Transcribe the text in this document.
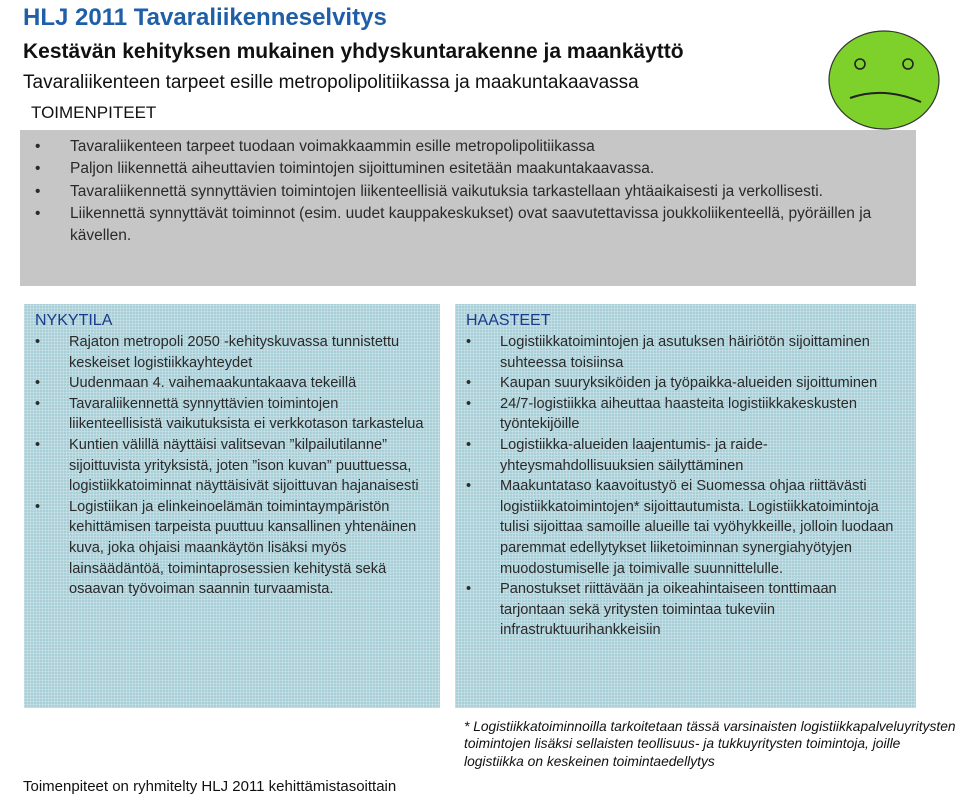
HLJ 2011 Tavaraliikenneselvitys
Kestävän kehityksen mukainen yhdyskuntarakenne ja maankäyttö
Tavaraliikenteen tarpeet esille metropolipolitiikassa ja maakuntakaavassa
TOIMENPITEET
• Tavaraliikenteen tarpeet tuodaan voimakkaammin esille metropolipolitiikassa
• Paljon liikennettä aiheuttavien toimintojen sijoittuminen esitetään maakuntakaavassa.
• Tavaraliikennettä synnyttävien toimintojen liikenteellisiä vaikutuksia tarkastellaan yhtäaikaisesti ja verkollisesti.
• Liikennettä synnyttävät toiminnot (esim. uudet kauppakeskukset) ovat saavutettavissa joukkoliikenteellä, pyöräillen ja kävellen.
NYKYTILA
• Rajaton metropoli 2050 -kehityskuvassa tunnistettu keskeiset logistiikkayhteydet
• Uudenmaan 4. vaihemaakuntakaava tekeillä
• Tavaraliikennettä synnyttävien toimintojen liikenteellisistä vaikutuksista ei verkkotason tarkastelua
• Kuntien välillä näyttäisi valitsevan ”kilpailutilanne” sijoittuvista yrityksistä, joten ”ison kuvan” puuttuessa, logistiikkatoiminnat näyttäisivät sijoittuvan hajanaisesti
• Logistiikan ja elinkeinoelämän toimintaympäristön kehittämisen tarpeista puuttuu kansallinen yhtenäinen kuva, joka ohjaisi maankäytön lisäksi myös lainsäädäntöä, toimintaprosessien kehitystä sekä osaavan työvoiman saannin turvaamista.
HAASTEET
• Logistiikkatoimintojen ja asutuksen häiriötön sijoittaminen suhteessa toisiinsa
• Kaupan suuryksiköiden ja työpaikka-alueiden sijoittuminen
• 24/7-logistiikka aiheuttaa haasteita logistiikkakeskusten työntekijöille
• Logistiikka-alueiden laajentumis- ja raide-yhteysmahdollisuuksien säilyttäminen
• Maakuntataso kaavoitustyö ei Suomessa ohjaa riittävästi logistiikkatoimintojen* sijoittautumista. Logistiikkatoimintoja tulisi sijoittaa samoille alueille tai vyöhykkeille, jolloin luodaan paremmat edellytykset liiketoiminnan synergiahyötyjen muodostumiselle ja toimivalle suunnittelulle.
• Panostukset riittävään ja oikeahintaiseen tonttimaan tarjontaan sekä yritysten toimintaa tukeviin infrastruktuurihankkeisiin
* Logistiikkatoiminnoilla tarkoitetaan tässä varsinaisten logistiikkapalveluyritysten toimintojen lisäksi sellaisten teollisuus- ja tukkuyritysten toimintoja, joille logistiikka on keskeinen toimintaedellytys
Toimenpiteet on ryhmitelty HLJ 2011 kehittämistasoittain
